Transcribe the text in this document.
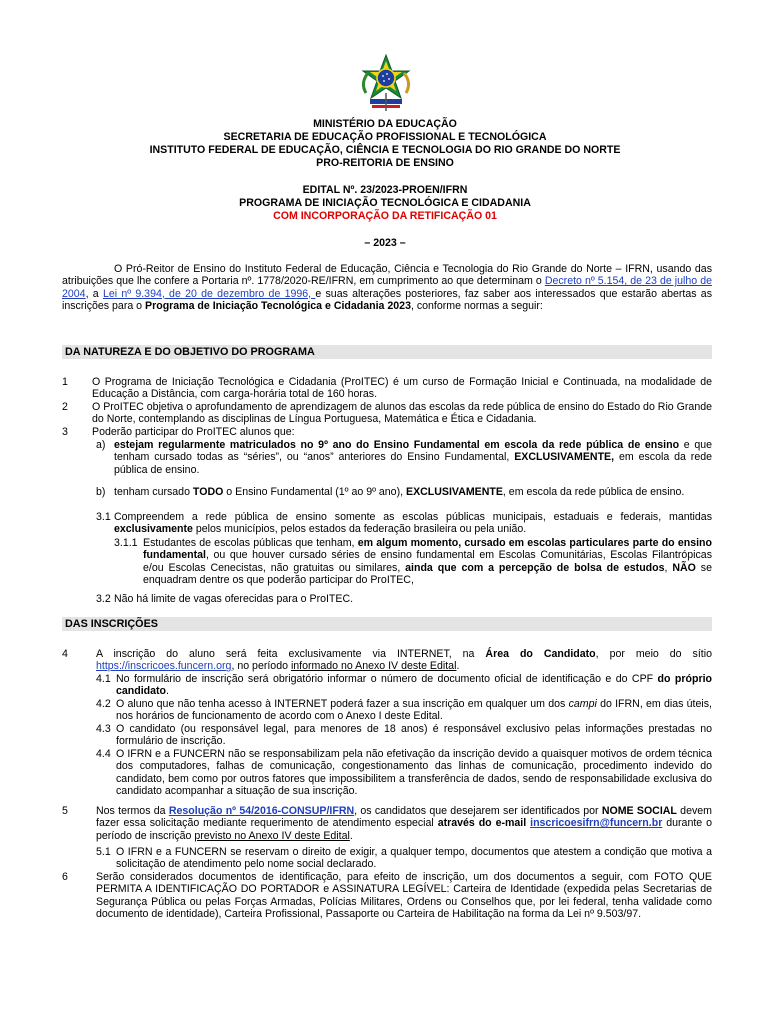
MINISTÉRIO DA EDUCAÇÃO
SECRETARIA DE EDUCAÇÃO PROFISSIONAL E TECNOLÓGICA
INSTITUTO FEDERAL DE EDUCAÇÃO, CIÊNCIA E TECNOLOGIA DO RIO GRANDE DO NORTE
PRO-REITORIA DE ENSINO
EDITAL Nº. 23/2023-PROEN/IFRN
PROGRAMA DE INICIAÇÃO TECNOLÓGICA E CIDADANIA
COM INCORPORAÇÃO DA RETIFICAÇÃO 01
– 2023 –
O Pró-Reitor de Ensino do Instituto Federal de Educação, Ciência e Tecnologia do Rio Grande do Norte – IFRN, usando das atribuições que lhe confere a Portaria nº. 1778/2020-RE/IFRN, em cumprimento ao que determinam o Decreto nº 5.154, de 23 de julho de 2004, a Lei nº 9.394, de 20 de dezembro de 1996, e suas alterações posteriores, faz saber aos interessados que estarão abertas as inscrições para o Programa de Iniciação Tecnológica e Cidadania 2023, conforme normas a seguir:
DA NATUREZA E DO OBJETIVO DO PROGRAMA
1	O Programa de Iniciação Tecnológica e Cidadania (ProITEC) é um curso de Formação Inicial e Continuada, na modalidade de Educação a Distância, com carga-horária total de 160 horas.
2	O ProITEC objetiva o aprofundamento de aprendizagem de alunos das escolas da rede pública de ensino do Estado do Rio Grande do Norte, contemplando as disciplinas de Língua Portuguesa, Matemática e Ética e Cidadania.
3	Poderão participar do ProITEC alunos que:
a) estejam regularmente matriculados no 9º ano do Ensino Fundamental em escola da rede pública de ensino e que tenham cursado todas as “séries”, ou “anos” anteriores do Ensino Fundamental, EXCLUSIVAMENTE, em escola da rede pública de ensino.
b) tenham cursado TODO o Ensino Fundamental (1º ao 9º ano), EXCLUSIVAMENTE, em escola da rede pública de ensino.
3.1 Compreendem a rede pública de ensino somente as escolas públicas municipais, estaduais e federais, mantidas exclusivamente pelos municípios, pelos estados da federação brasileira ou pela união.
3.1.1 Estudantes de escolas públicas que tenham, em algum momento, cursado em escolas particulares parte do ensino fundamental, ou que houver cursado séries de ensino fundamental em Escolas Comunitárias, Escolas Filantrópicas e/ou Escolas Cenecistas, não gratuitas ou similares, ainda que com a percepção de bolsa de estudos, NÃO se enquadram dentre os que poderão participar do ProITEC,
3.2 Não há limite de vagas oferecidas para o ProITEC.
DAS INSCRIÇÕES
4	A inscrição do aluno será feita exclusivamente via INTERNET, na Área do Candidato, por meio do sítio https://inscricoes.funcern.org, no período informado no Anexo IV deste Edital.
4.1 No formulário de inscrição será obrigatório informar o número de documento oficial de identificação e do CPF do próprio candidato.
4.2 O aluno que não tenha acesso à INTERNET poderá fazer a sua inscrição em qualquer um dos campi do IFRN, em dias úteis, nos horários de funcionamento de acordo com o Anexo I deste Edital.
4.3 O candidato (ou responsável legal, para menores de 18 anos) é responsável exclusivo pelas informações prestadas no formulário de inscrição.
4.4 O IFRN e a FUNCERN não se responsabilizam pela não efetivação da inscrição devido a quaisquer motivos de ordem técnica dos computadores, falhas de comunicação, congestionamento das linhas de comunicação, procedimento indevido do candidato, bem como por outros fatores que impossibilitem a transferência de dados, sendo de responsabilidade exclusiva do candidato acompanhar a situação de sua inscrição.
5	Nos termos da Resolução nº 54/2016-CONSUP/IFRN, os candidatos que desejarem ser identificados por NOME SOCIAL devem fazer essa solicitação mediante requerimento de atendimento especial através do e-mail inscricoesifrn@funcern.br durante o período de inscrição previsto no Anexo IV deste Edital.
5.1 O IFRN e a FUNCERN se reservam o direito de exigir, a qualquer tempo, documentos que atestem a condição que motiva a solicitação de atendimento pelo nome social declarado.
6	Serão considerados documentos de identificação, para efeito de inscrição, um dos documentos a seguir, com FOTO QUE PERMITA A IDENTIFICAÇÃO DO PORTADOR e ASSINATURA LEGÍVEL: Carteira de Identidade (expedida pelas Secretarias de Segurança Pública ou pelas Forças Armadas, Polícias Militares, Ordens ou Conselhos que, por lei federal, tenha validade como documento de identidade), Carteira Profissional, Passaporte ou Carteira de Habilitação na forma da Lei nº 9.503/97.
